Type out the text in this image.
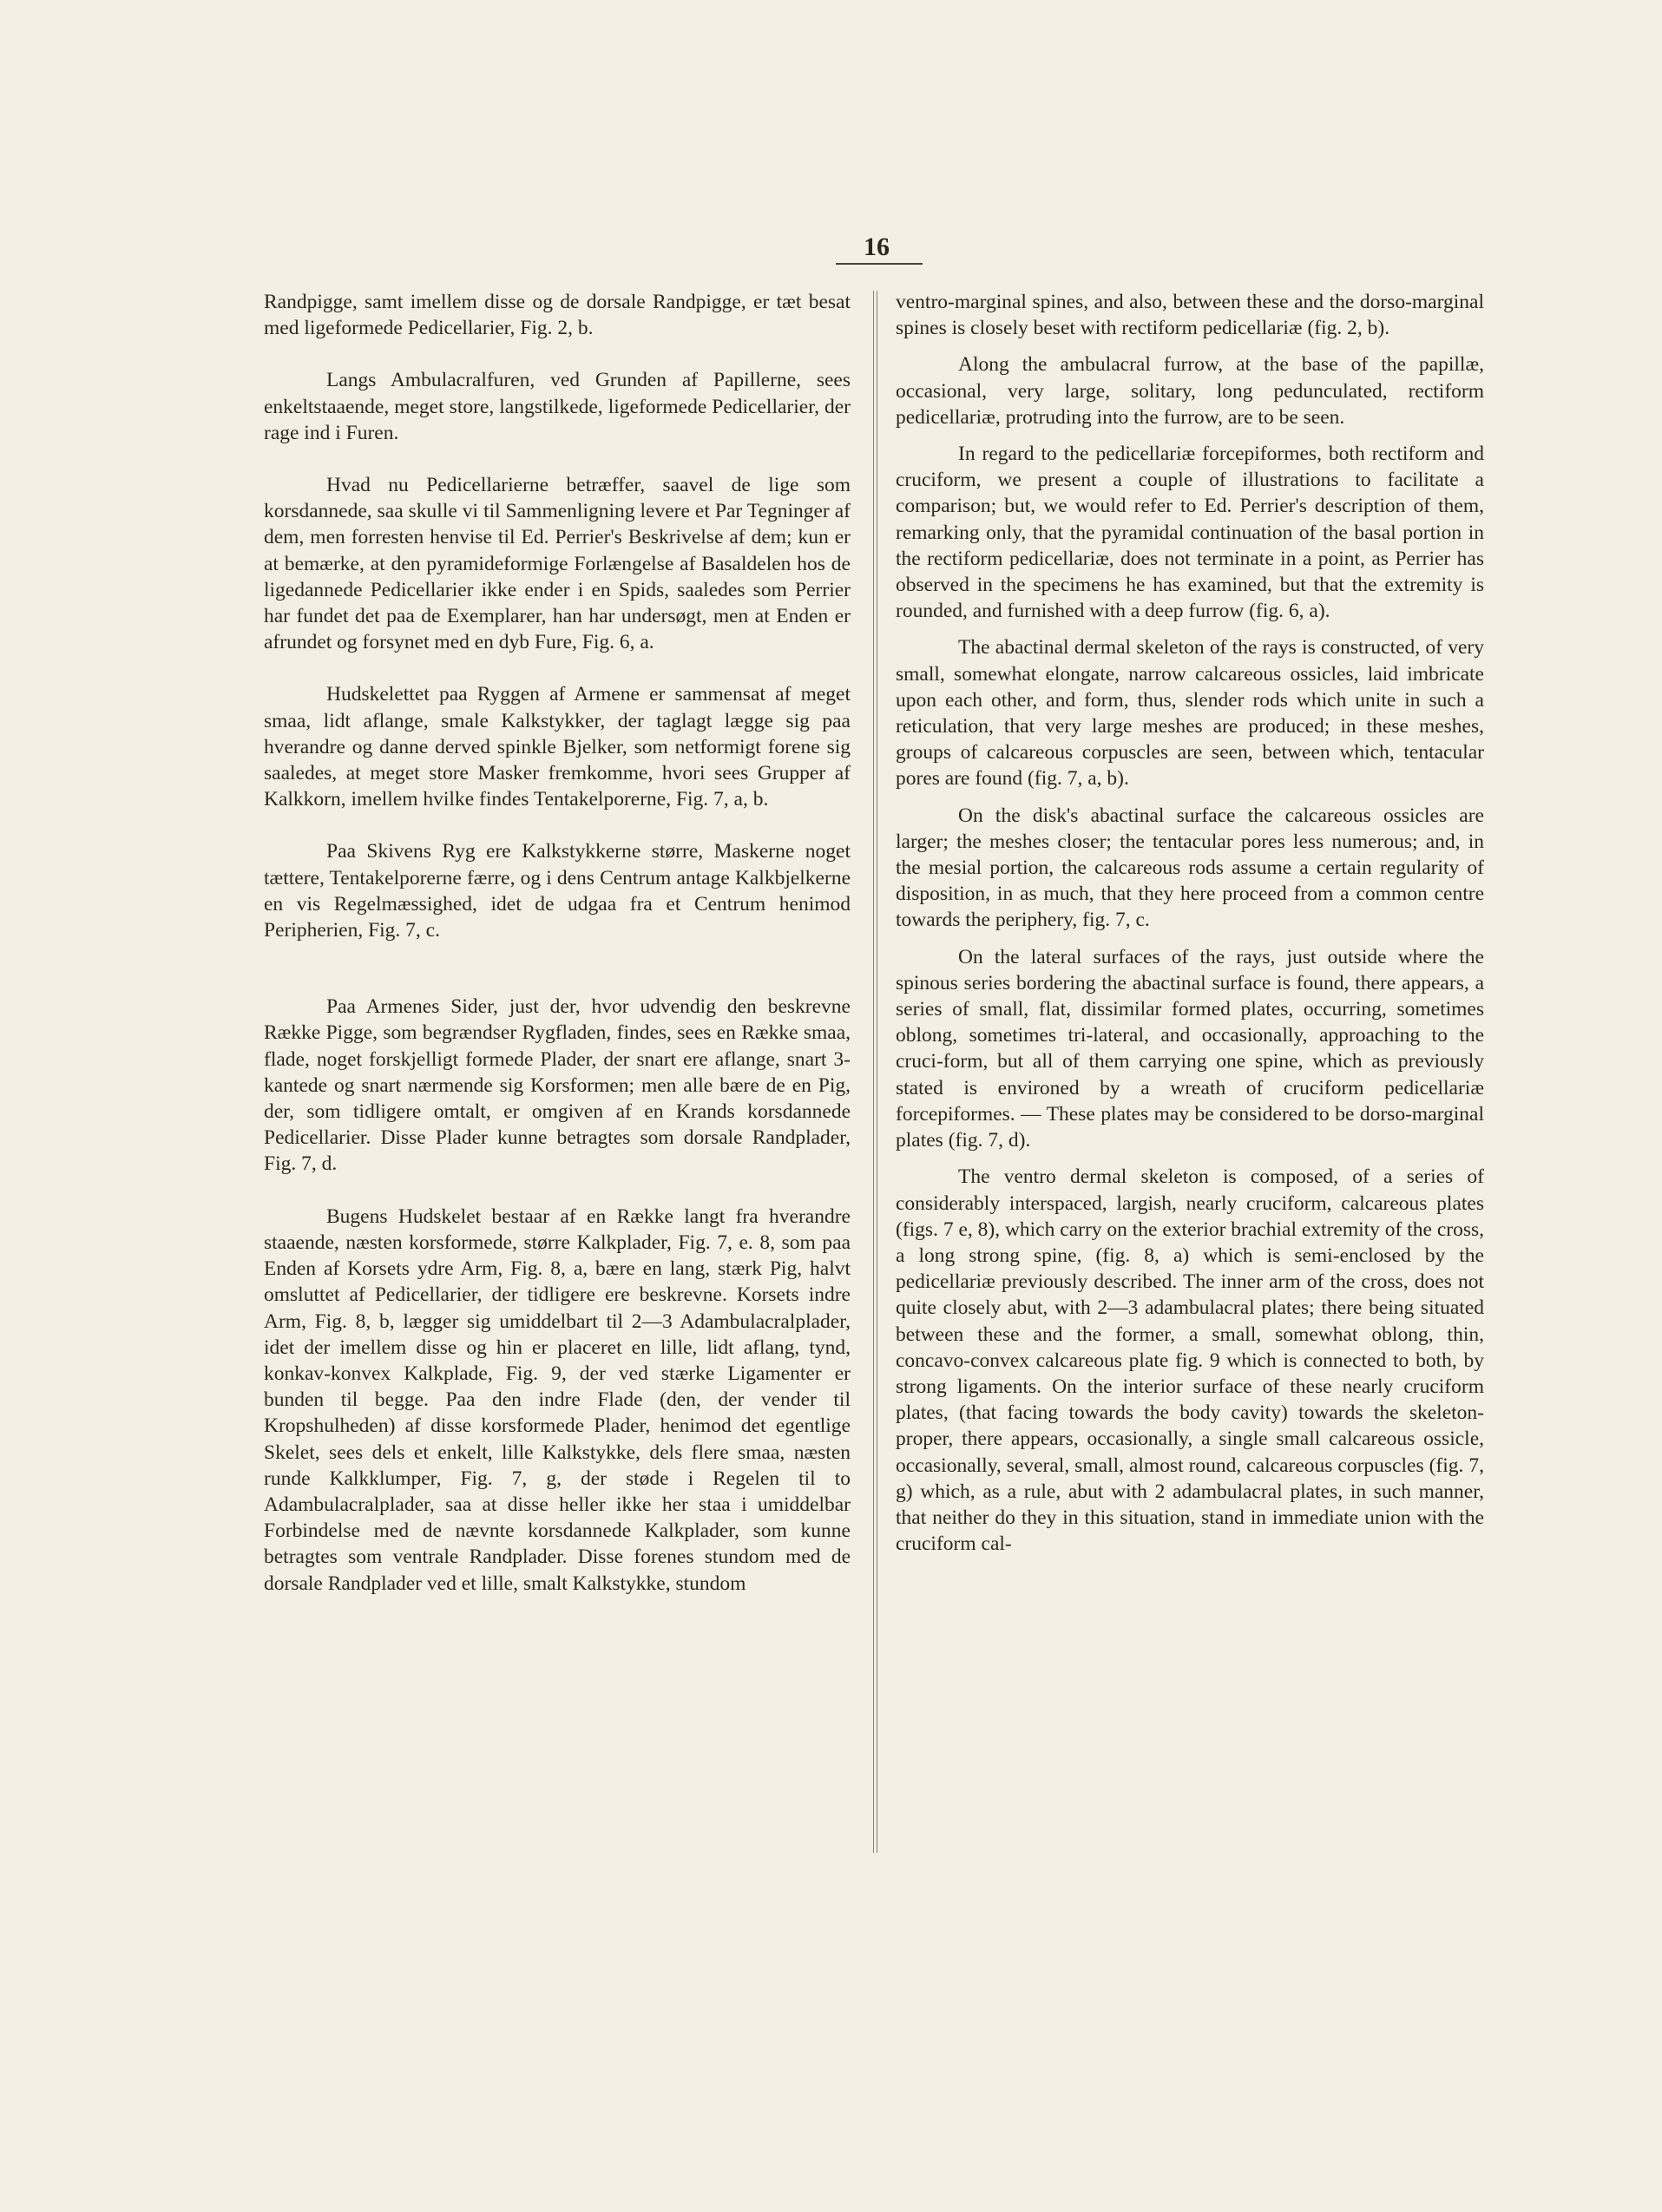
16

Randpigge, samt imellem disse og de dorsale Randpigge, er tæt besat med ligeformede Pedicellarier, Fig. 2, b.

Langs Ambulacralfuren, ved Grunden af Papillerne, sees enkeltstaaende, meget store, langstilkede, ligeformede Pedicellarier, der rage ind i Furen.

Hvad nu Pedicellarierne betræffer, saavel de lige som korsdannede, saa skulle vi til Sammenligning levere et Par Tegninger af dem, men forresten henvise til Ed. Perrier's Beskrivelse af dem; kun er at bemærke, at den pyramideformige Forlængelse af Basaldelen hos de ligedannede Pedicellarier ikke ender i en Spids, saaledes som Perrier har fundet det paa de Exemplarer, han har undersøgt, men at Enden er afrundet og forsynet med en dyb Fure, Fig. 6, a.

Hudskelettet paa Ryggen af Armene er sammensat af meget smaa, lidt aflange, smale Kalkstykker, der taglagt lægge sig paa hverandre og danne derved spinkle Bjelker, som netformigt forene sig saaledes, at meget store Masker fremkomme, hvori sees Grupper af Kalkkorn, imellem hvilke findes Tentakelporerne, Fig. 7, a, b.

Paa Skivens Ryg ere Kalkstykkerne større, Maskerne noget tættere, Tentakelporerne færre, og i dens Centrum antage Kalkbjelkerne en vis Regelmæssighed, idet de udgaa fra et Centrum henimod Peripherien, Fig. 7, c.

Paa Armenes Sider, just der, hvor udvendig den beskrevne Række Pigge, som begrændser Rygfladen, findes, sees en Række smaa, flade, noget forskjelligt formede Plader, der snart ere aflange, snart 3-kantede og snart nærmende sig Korsformen; men alle bære de en Pig, der, som tidligere omtalt, er omgiven af en Krands korsdannede Pedicellarier. Disse Plader kunne betragtes som dorsale Randplader, Fig. 7, d.

Bugens Hudskelet bestaar af en Række langt fra hverandre staaende, næsten korsformede, større Kalkplader, Fig. 7, e. 8, som paa Enden af Korsets ydre Arm, Fig. 8, a, bære en lang, stærk Pig, halvt omsluttet af Pedicellarier, der tidligere ere beskrevne. Korsets indre Arm, Fig. 8, b, lægger sig umiddelbart til 2—3 Adambulacralplader, idet der imellem disse og hin er placeret en lille, lidt aflang, tynd, konkav-konvex Kalkplade, Fig. 9, der ved stærke Ligamenter er bunden til begge. Paa den indre Flade (den, der vender til Kropshulheden) af disse korsformede Plader, henimod det egentlige Skelet, sees dels et enkelt, lille Kalkstykke, dels flere smaa, næsten runde Kalkklumper, Fig. 7, g, der støde i Regelen til to Adambulacralplader, saa at disse heller ikke her staa i umiddelbar Forbindelse med de nævnte korsdannede Kalkplader, som kunne betragtes som ventrale Randplader. Disse forenes stundom med de dorsale Randplader ved et lille, smalt Kalkstykke, stundom

ventro-marginal spines, and also, between these and the dorso-marginal spines is closely beset with rectiform pedicellariæ (fig. 2, b).

Along the ambulacral furrow, at the base of the papillæ, occasional, very large, solitary, long pedunculated, rectiform pedicellariæ, protruding into the furrow, are to be seen.

In regard to the pedicellariæ forcepiformes, both rectiform and cruciform, we present a couple of illustrations to facilitate a comparison; but, we would refer to Ed. Perrier's description of them, remarking only, that the pyramidal continuation of the basal portion in the rectiform pedicellariæ, does not terminate in a point, as Perrier has observed in the specimens he has examined, but that the extremity is rounded, and furnished with a deep furrow (fig. 6, a).

The abactinal dermal skeleton of the rays is constructed, of very small, somewhat elongate, narrow calcareous ossicles, laid imbricate upon each other, and form, thus, slender rods which unite in such a reticulation, that very large meshes are produced; in these meshes, groups of calcareous corpuscles are seen, between which, tentacular pores are found (fig. 7, a, b).

On the disk's abactinal surface the calcareous ossicles are larger; the meshes closer; the tentacular pores less numerous; and, in the mesial portion, the calcareous rods assume a certain regularity of disposition, in as much, that they here proceed from a common centre towards the periphery, fig. 7, c.

On the lateral surfaces of the rays, just outside where the spinous series bordering the abactinal surface is found, there appears, a series of small, flat, dissimilar formed plates, occurring, sometimes oblong, sometimes tri-lateral, and occasionally, approaching to the cruci-form, but all of them carrying one spine, which as previously stated is environed by a wreath of cruciform pedicellariæ forcepiformes. — These plates may be considered to be dorso-marginal plates (fig. 7, d).

The ventro dermal skeleton is composed, of a series of considerably interspaced, largish, nearly cruciform, calcareous plates (figs. 7 e, 8), which carry on the exterior brachial extremity of the cross, a long strong spine, (fig. 8, a) which is semi-enclosed by the pedicellariæ previously described. The inner arm of the cross, does not quite closely abut, with 2—3 adambulacral plates; there being situated between these and the former, a small, somewhat oblong, thin, concavo-convex calcareous plate fig. 9 which is connected to both, by strong ligaments. On the interior surface of these nearly cruciform plates, (that facing towards the body cavity) towards the skeleton-proper, there appears, occasionally, a single small calcareous ossicle, occasionally, several, small, almost round, calcareous corpuscles (fig. 7, g) which, as a rule, abut with 2 adambulacral plates, in such manner, that neither do they in this situation, stand in immediate union with the cruciform cal-
